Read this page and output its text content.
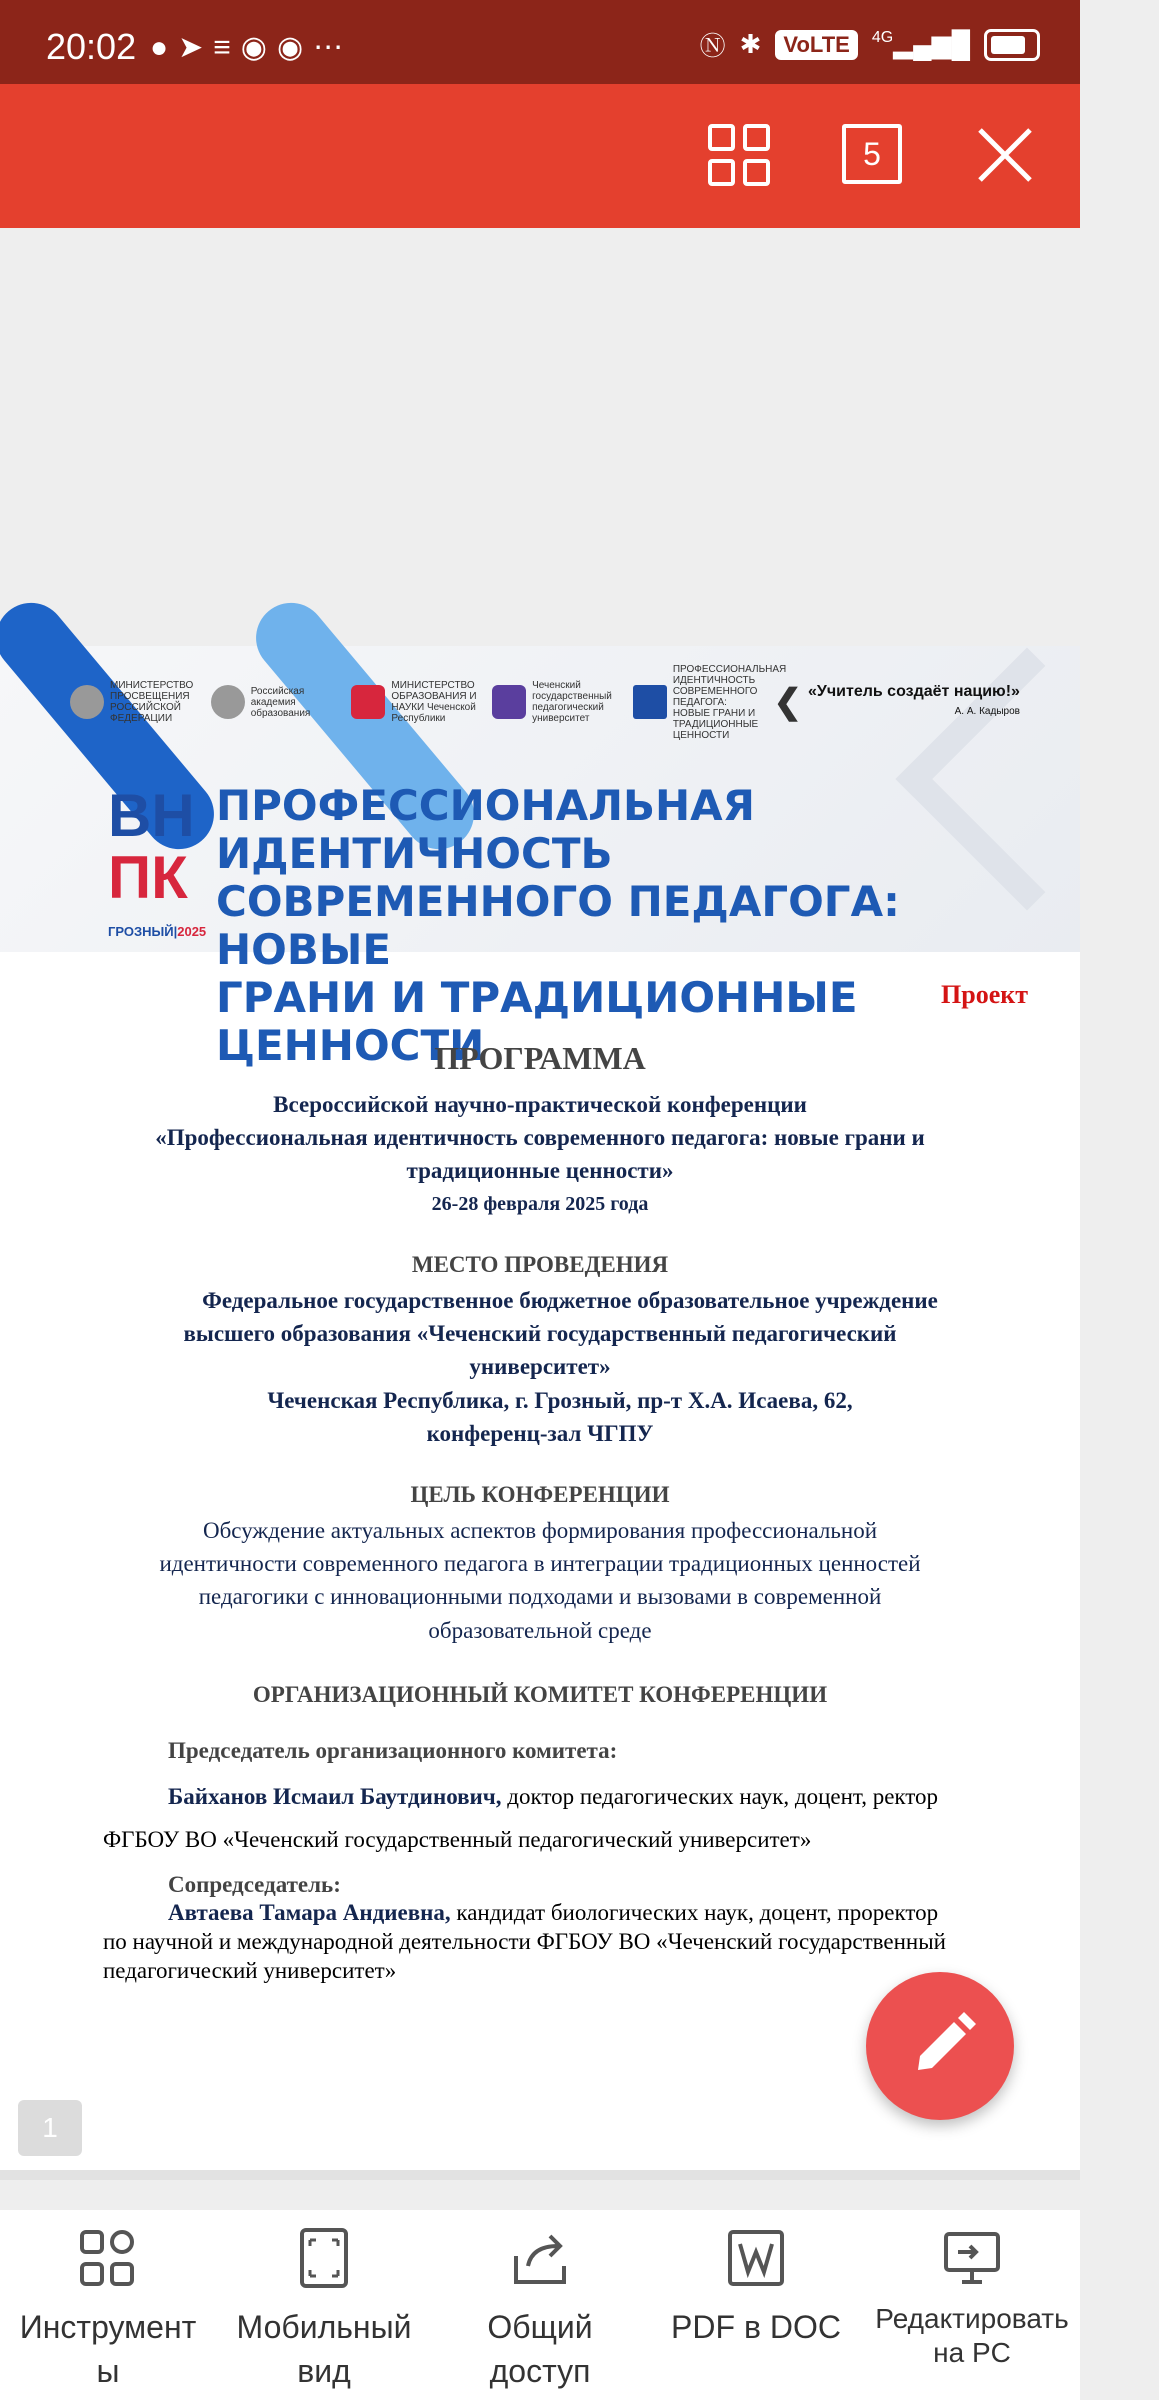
20:02 ●➤≡◉◉⋯	Ⓝ ✱	VoLTE	$^{4G}$▂▄▆█
5
МИНИСТЕРСТВО ПРОСВЕЩЕНИЯ РОССИЙСКОЙ ФЕДЕРАЦИИ
Российская академия образования
МИНИСТЕРСТВО ОБРАЗОВАНИЯ И НАУКИ Чеченской Республики
Чеченский государственный педагогический университет
ПРОФЕССИОНАЛЬНАЯ ИДЕНТИЧНОСТЬ СОВРЕМЕННОГО ПЕДАГОГА: НОВЫЕ ГРАНИ И ТРАДИЦИОННЫЕ ЦЕННОСТИ
❮ «Учитель создаёт нацию!»
А. А. Кадыров
ВН
ПК
ГРОЗНЫЙ|2025
ПРОФЕССИОНАЛЬНАЯ ИДЕНТИЧНОСТЬ
СОВРЕМЕННОГО ПЕДАГОГА: НОВЫЕ
ГРАНИ И ТРАДИЦИОННЫЕ ЦЕННОСТИ
Проект
ПРОГРАММА
Всероссийской научно-практической конференции
«Профессиональная идентичность современного педагога: новые грани и
традиционные ценности»
26-28 февраля 2025 года
МЕСТО ПРОВЕДЕНИЯ
Федеральное государственное бюджетное образовательное учреждение
высшего образования «Чеченский государственный педагогический
университет»
Чеченская Республика, г. Грозный, пр-т Х.А. Исаева, 62,
конференц-зал ЧГПУ
ЦЕЛЬ КОНФЕРЕНЦИИ
Обсуждение актуальных аспектов формирования профессиональной
идентичности современного педагога в интеграции традиционных ценностей
педагогики с инновационными подходами и вызовами в современной
образовательной среде
ОРГАНИЗАЦИОННЫЙ КОМИТЕТ КОНФЕРЕНЦИИ
Председатель организационного комитета:
Байханов Исмаил Баутдинович, доктор педагогических наук, доцент, ректор
ФГБОУ ВО «Чеченский государственный педагогический университет»
Сопредседатель:
Автаева Тамара Андиевна, кандидат биологических наук, доцент, проректор
по научной и международной деятельности ФГБОУ ВО «Чеченский государственный
педагогический университет»
1
Инструмент
ы
Мобильный
вид
Общий
доступ
PDF в DOC	Редактировать
на PC
